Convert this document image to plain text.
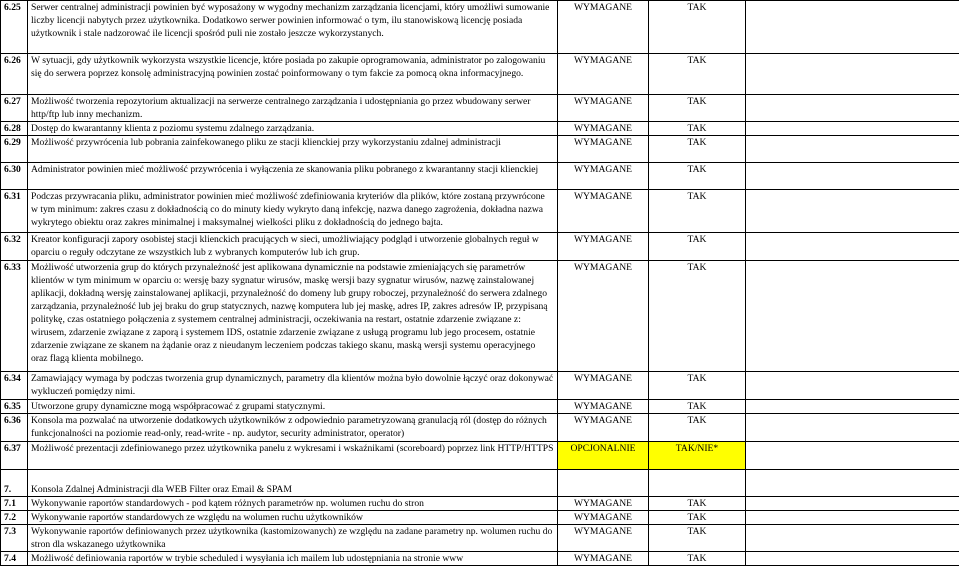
6.25	Serwer centralnej administracji powinien być wyposażony w wygodny mechanizm zarządzania licencjami, który umożliwi sumowanie liczby licencji nabytych przez użytkownika. Dodatkowo serwer powinien informować o tym, ilu stanowiskową licencję posiada użytkownik i stale nadzorować ile licencji spośród puli nie zostało jeszcze wykorzystanych.	WYMAGANE	TAK	
6.26	W sytuacji, gdy użytkownik wykorzysta wszystkie licencje, które posiada po zakupie oprogramowania, administrator po zalogowaniu się do serwera poprzez konsolę administracyjną powinien zostać poinformowany o tym fakcie za pomocą okna informacyjnego.	WYMAGANE	TAK	
6.27	Możliwość tworzenia repozytorium aktualizacji na serwerze centralnego zarządzania i udostępniania go przez wbudowany serwer http/ftp lub inny mechanizm.	WYMAGANE	TAK	
6.28	Dostęp do kwarantanny klienta z poziomu systemu zdalnego zarządzania.	WYMAGANE	TAK	
6.29	Możliwość przywrócenia lub pobrania zainfekowanego pliku ze stacji klienckiej przy wykorzystaniu zdalnej administracji	WYMAGANE	TAK	
6.30	Administrator powinien mieć możliwość przywrócenia i wyłączenia ze skanowania pliku pobranego z kwarantanny stacji klienckiej	WYMAGANE	TAK	
6.31	Podczas przywracania pliku, administrator powinien mieć możliwość zdefiniowania kryteriów dla plików, które zostaną przywrócone w tym minimum: zakres czasu z dokładnością co do minuty kiedy wykryto daną infekcję, nazwa danego zagrożenia, dokładna nazwa wykrytego obiektu oraz zakres minimalnej i maksymalnej wielkości pliku z dokładnością do jednego bajta.	WYMAGANE	TAK	
6.32	Kreator konfiguracji zapory osobistej stacji klienckich pracujących w sieci, umożliwiający podgląd i utworzenie globalnych reguł w oparciu o reguły odczytane ze wszystkich lub z wybranych komputerów lub ich grup.	WYMAGANE	TAK	
6.33	Możliwość utworzenia grup do których przynależność jest aplikowana dynamicznie na podstawie zmieniających się parametrów klientów w tym minimum w oparciu o: wersję bazy sygnatur wirusów, maskę wersji bazy sygnatur wirusów, nazwę zainstalowanej aplikacji, dokładną wersję zainstalowanej aplikacji, przynależność do domeny lub grupy roboczej, przynależność do serwera zdalnego zarządzania, przynależność lub jej braku do grup statycznych, nazwę komputera lub jej maskę, adres IP, zakres adresów IP, przypisaną politykę, czas ostatniego połączenia z systemem centralnej administracji, oczekiwania na restart, ostatnie zdarzenie związane z: wirusem, zdarzenie związane z zaporą i systemem IDS, ostatnie zdarzenie związane z usługą programu lub jego procesem, ostatnie zdarzenie związane ze skanem na żądanie oraz z nieudanym leczeniem podczas takiego skanu, maską wersji systemu operacyjnego oraz flagą klienta mobilnego.	WYMAGANE	TAK	
6.34	Zamawiający wymaga by podczas tworzenia grup dynamicznych, parametry dla klientów można było dowolnie łączyć oraz dokonywać wykluczeń pomiędzy nimi.	WYMAGANE	TAK	
6.35	Utworzone grupy dynamiczne mogą współpracować z grupami statycznymi.	WYMAGANE	TAK	
6.36	Konsola ma pozwalać na utworzenie dodatkowych użytkowników z odpowiednio parametryzowaną granulacją ról (dostęp do różnych funkcjonalności na poziomie read-only, read-write - np. audytor, security administrator, operator)	WYMAGANE	TAK	
6.37	Możliwość prezentacji zdefiniowanego przez użytkownika panelu z wykresami i wskaźnikami (scoreboard) poprzez link HTTP/HTTPS	OPCJONALNIE	TAK/NIE*	
7.	Konsola Zdalnej Administracji dla WEB Filter oraz Email & SPAM			
7.1	Wykonywanie raportów standardowych - pod kątem różnych parametrów np. wolumen ruchu do stron	WYMAGANE	TAK	
7.2	Wykonywanie raportów standardowych ze względu na wolumen ruchu użytkowników	WYMAGANE	TAK	
7.3	Wykonywanie raportów definiowanych przez użytkownika (kastomizowanych) ze względu na zadane parametry np. wolumen ruchu do stron dla wskazanego użytkownika	WYMAGANE	TAK	
7.4	Możliwość definiowania raportów w trybie scheduled i wysyłania ich mailem lub udostępniania na stronie www	WYMAGANE	TAK	
